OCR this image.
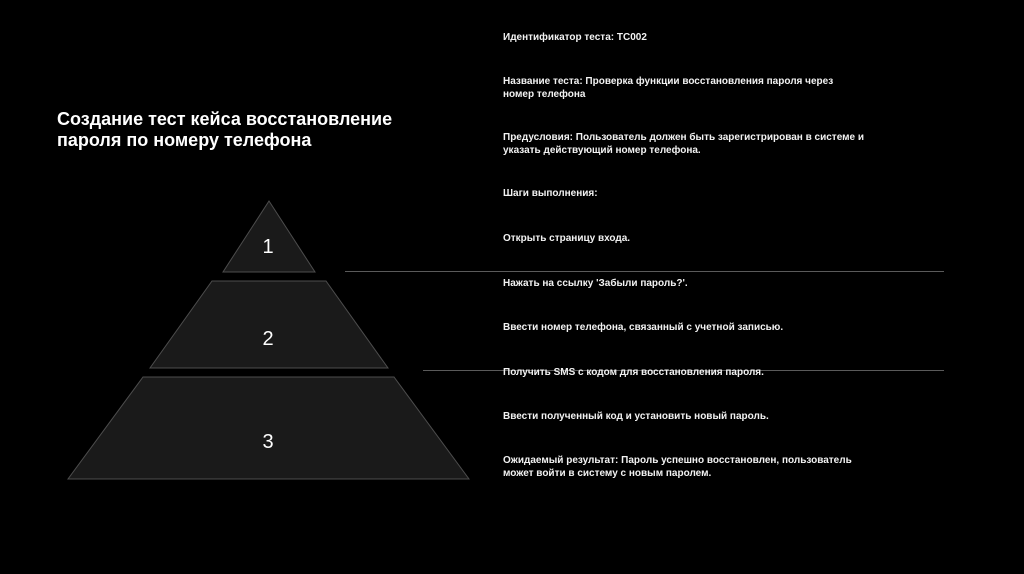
1
2
3
Создание тест кейса восстановление
пароля по номеру телефона
Идентификатор теста: TC002
Название теста: Проверка функции восстановления пароля через
номер телефона
Предусловия: Пользователь должен быть зарегистрирован в системе и
указать действующий номер телефона.
Шаги выполнения:
Открыть страницу входа.
Нажать на ссылку 'Забыли пароль?'.
Ввести номер телефона, связанный с учетной записью.
Получить SMS с кодом для восстановления пароля.
Ввести полученный код и установить новый пароль.
Ожидаемый результат: Пароль успешно восстановлен, пользователь
может войти в систему с новым паролем.
